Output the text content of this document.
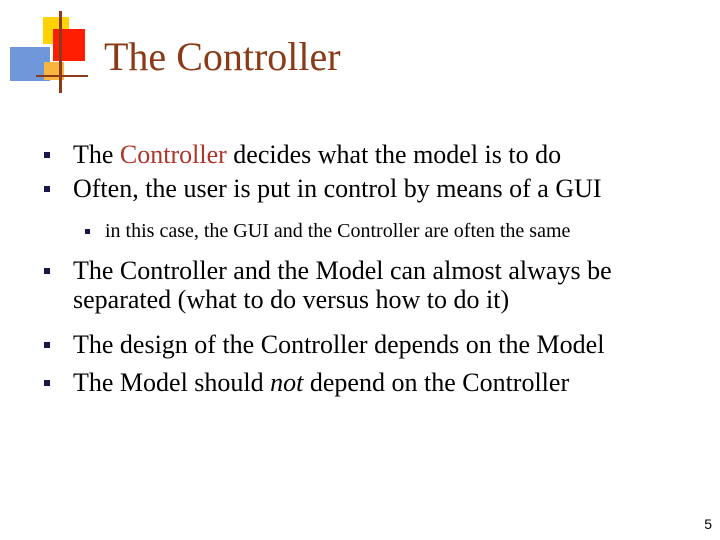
The Controller
The Controller decides what the model is to do
Often, the user is put in control by means of a GUI
in this case, the GUI and the Controller are often the same
The Controller and the Model can almost always be
separated (what to do versus how to do it)
The design of the Controller depends on the Model
The Model should not depend on the Controller
5
